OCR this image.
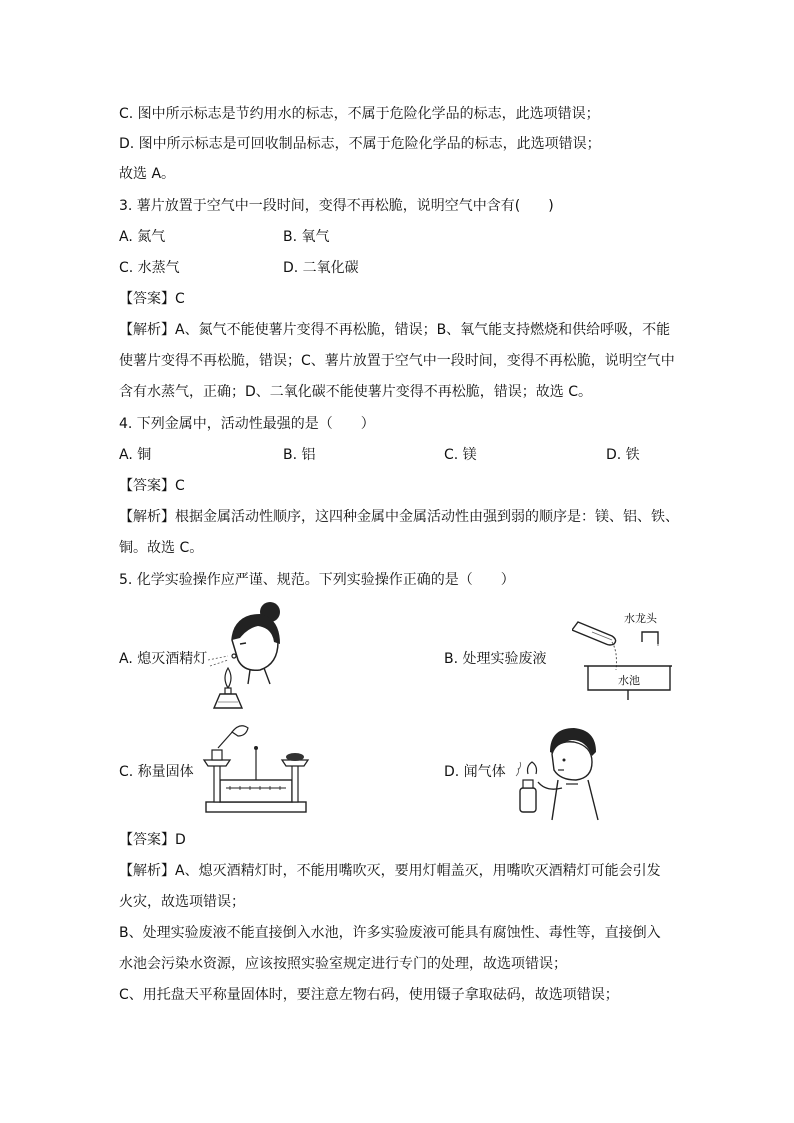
C. 图中所示标志是节约用水的标志，不属于危险化学品的标志，此选项错误；
D. 图中所示标志是可回收制品标志，不属于危险化学品的标志，此选项错误；
故选 A。
3. 薯片放置于空气中一段时间，变得不再松脆，说明空气中含有(　　)
A. 氮气	B. 氧气
C. 水蒸气	D. 二氧化碳
【答案】C
【解析】A、氮气不能使薯片变得不再松脆，错误；B、氧气能支持燃烧和供给呼吸，不能
使薯片变得不再松脆，错误；C、薯片放置于空气中一段时间，变得不再松脆，说明空气中
含有水蒸气，正确；D、二氧化碳不能使薯片变得不再松脆，错误；故选 C。
4. 下列金属中，活动性最强的是（　　）
A. 铜	B. 铝	C. 镁	D. 铁
【答案】C
【解析】根据金属活动性顺序，这四种金属中金属活动性由强到弱的顺序是：镁、铝、铁、
铜。故选 C。
5. 化学实验操作应严谨、规范。下列实验操作正确的是（　　）
A. 熄灭酒精灯	B. 处理实验废液
水龙头
水池
C. 称量固体	D. 闻气体
【答案】D
【解析】A、熄灭酒精灯时，不能用嘴吹灭，要用灯帽盖灭，用嘴吹灭酒精灯可能会引发
火灾，故选项错误；
B、处理实验废液不能直接倒入水池，许多实验废液可能具有腐蚀性、毒性等，直接倒入
水池会污染水资源，应该按照实验室规定进行专门的处理，故选项错误；
C、用托盘天平称量固体时，要注意左物右码，使用镊子拿取砝码，故选项错误；
